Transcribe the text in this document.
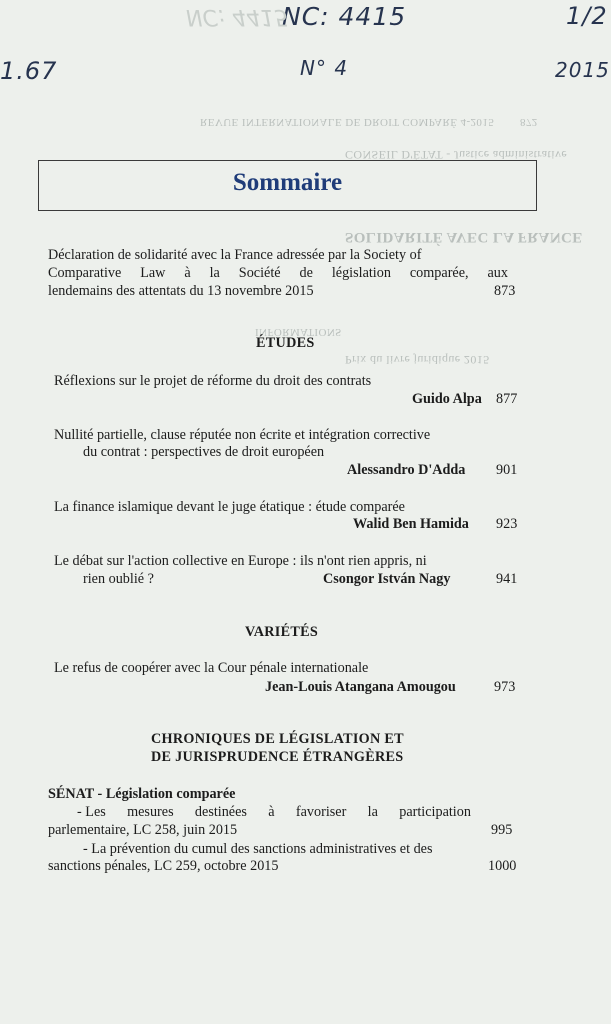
NC: 4415
N° 4
1.67
1/2
2015
NC: 4415
REVUE INTERNATIONALE DE DROIT COMPARÉ 4-2015 872
CONSEIL D'ÉTAT - Justice administrative
SOLIDARITÉ AVEC LA FRANCE
INFORMATIONS
Prix du livre juridique 2015
Sommaire
Déclaration de solidarité avec la France adressée par la Society of
Comparative Law à la Société de législation comparée, aux
lendemains des attentats du 13 novembre 2015	873
ÉTUDES
Réflexions sur le projet de réforme du droit des contrats
Guido Alpa 877
Nullité partielle, clause réputée non écrite et intégration corrective
du contrat : perspectives de droit européen
Alessandro D'Adda 901
La finance islamique devant le juge étatique : étude comparée
Walid Ben Hamida 923
Le débat sur l'action collective en Europe : ils n'ont rien appris, ni
rien oublié ?	Csongor István Nagy	941
VARIÉTÉS
Le refus de coopérer avec la Cour pénale internationale
Jean-Louis Atangana Amougou	973
CHRONIQUES DE LÉGISLATION ET
DE JURISPRUDENCE ÉTRANGÈRES
SÉNAT - Législation comparée
- Les mesures destinées à favoriser la participation
parlementaire, LC 258, juin 2015	995
- La prévention du cumul des sanctions administratives et des
sanctions pénales, LC 259, octobre 2015	1000
